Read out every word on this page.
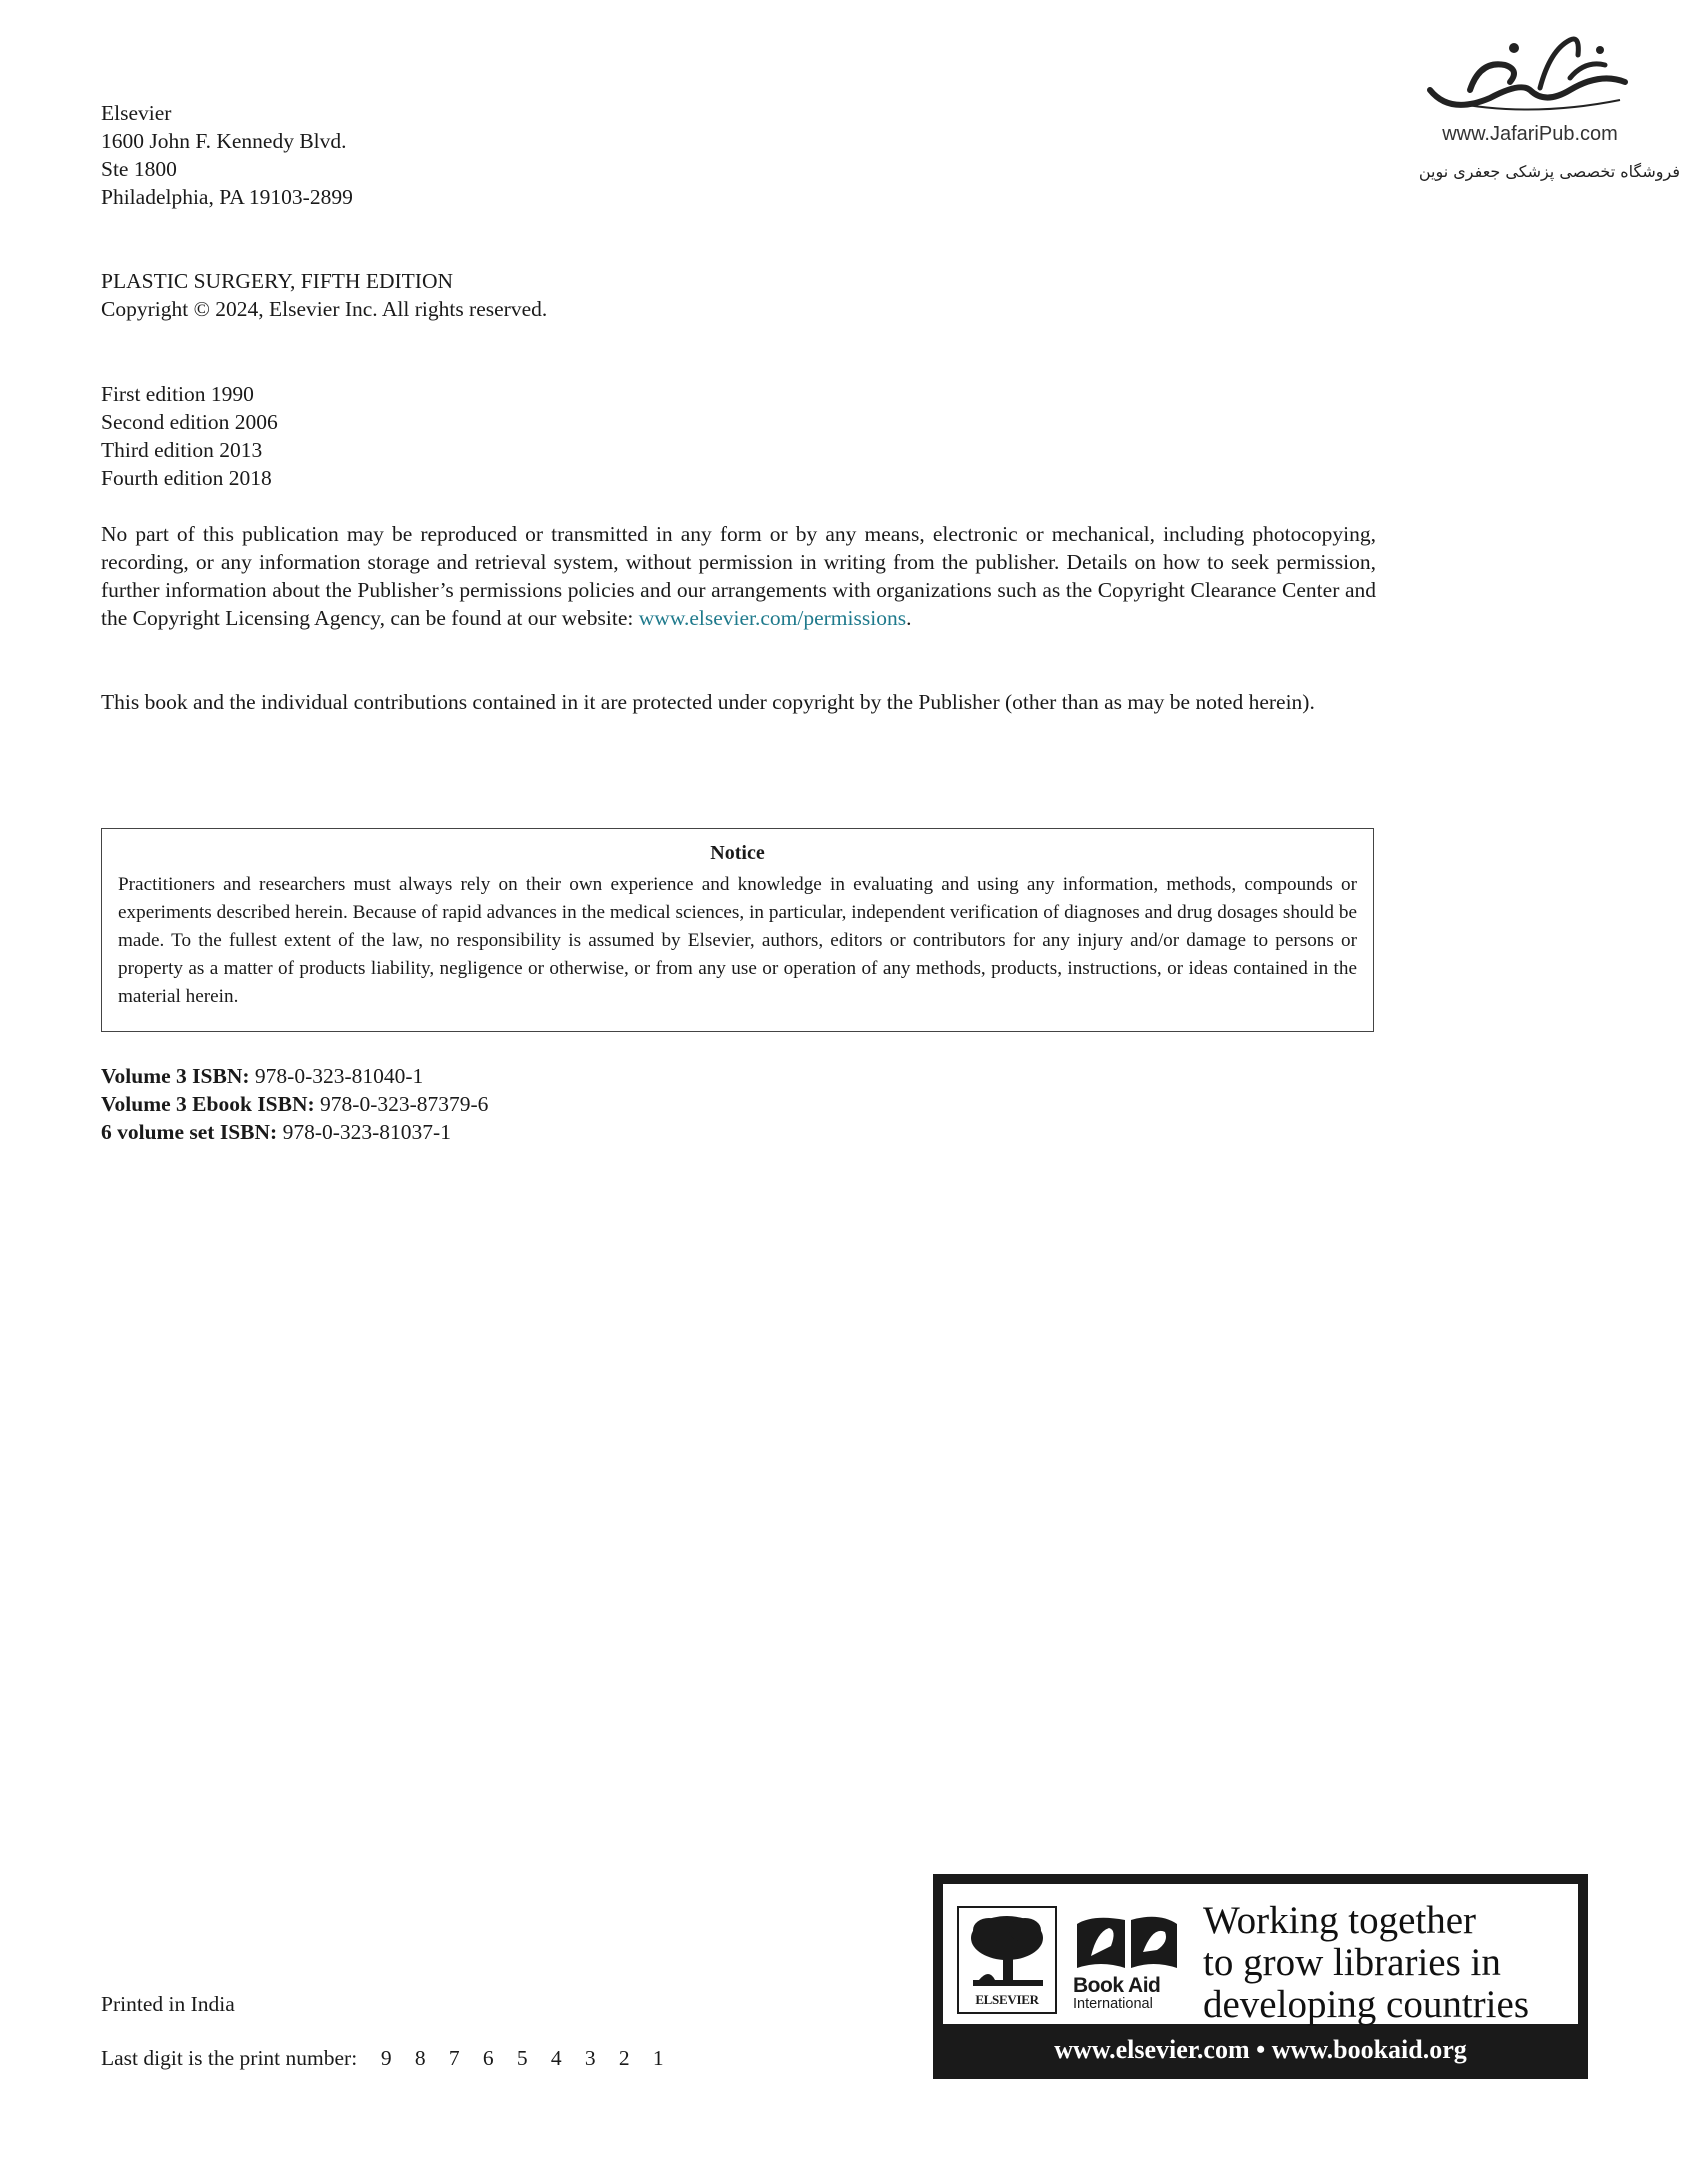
www.JafariPub.com
فروشگاه تخصصی پزشکی جعفری نوین
Elsevier
1600 John F. Kennedy Blvd.
Ste 1800
Philadelphia, PA 19103-2899
PLASTIC SURGERY, FIFTH EDITION
Copyright © 2024, Elsevier Inc. All rights reserved.
First edition 1990
Second edition 2006
Third edition 2013
Fourth edition 2018
No part of this publication may be reproduced or transmitted in any form or by any means, electronic or mechanical, including photocopying, recording, or any information storage and retrieval system, without permission in writing from the publisher. Details on how to seek permission, further information about the Publisher’s permissions policies and our arrangements with organizations such as the Copyright Clearance Center and the Copyright Licensing Agency, can be found at our website: www.elsevier.com/permissions.
This book and the individual contributions contained in it are protected under copyright by the Publisher (other than as may be noted herein).
Notice
Practitioners and researchers must always rely on their own experience and knowledge in evaluating and using any information, methods, compounds or experiments described herein. Because of rapid advances in the medical sciences, in particular, independent verification of diagnoses and drug dosages should be made. To the fullest extent of the law, no responsibility is assumed by Elsevier, authors, editors or contributors for any injury and/or damage to persons or property as a matter of products liability, negligence or otherwise, or from any use or operation of any methods, products, instructions, or ideas contained in the material herein.
Volume 3 ISBN: 978-0-323-81040-1
Volume 3 Ebook ISBN: 978-0-323-87379-6
6 volume set ISBN: 978-0-323-81037-1
Printed in India
Last digit is the print number: 9 8 7 6 5 4 3 2 1
ELSEVIER
Book Aid
International
Working together
to grow libraries in
developing countries
www.elsevier.com • www.bookaid.org
